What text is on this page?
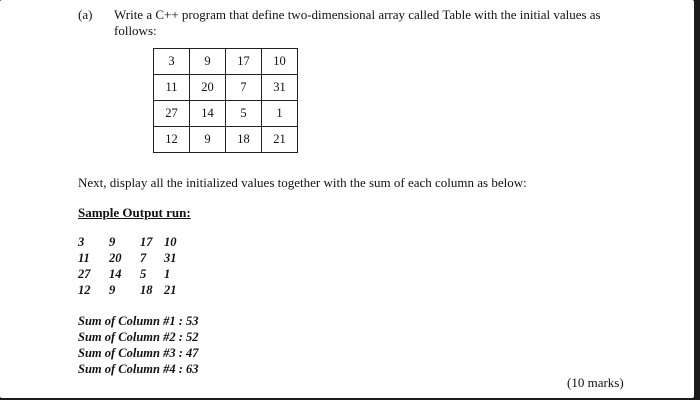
(a) Write a C++ program that define two-dimensional array called Table with the initial values as
follows:
3	9	17	10
11	20	7	31
27	14	5	1
12	9	18	21
Next, display all the initialized values together with the sum of each column as below:
Sample Output run:
3 9 17 10
11 20 7 31
27 14 5 1
12 9 18 21
Sum of Column #1 : 53
Sum of Column #2 : 52
Sum of Column #3 : 47
Sum of Column #4 : 63
(10 marks)
